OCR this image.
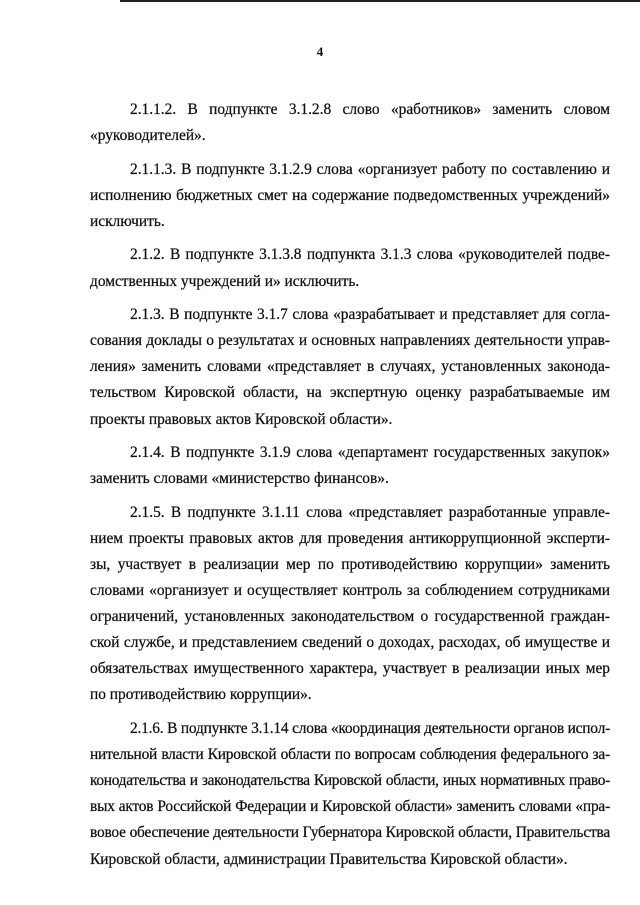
4
2.1.1.2. В подпункте 3.1.2.8 слово «работников» заменить словом
«руководителей».
2.1.1.3. В подпункте 3.1.2.9 слова «организует работу по составлению и
исполнению бюджетных смет на содержание подведомственных учреждений»
исключить.
2.1.2. В подпункте 3.1.3.8 подпункта 3.1.3 слова «руководителей подве-
домственных учреждений и» исключить.
2.1.3. В подпункте 3.1.7 слова «разрабатывает и представляет для согла-
сования доклады о результатах и основных направлениях деятельности управ-
ления» заменить словами «представляет в случаях, установленных законода-
тельством Кировской области, на экспертную оценку разрабатываемые им
проекты правовых актов Кировской области».
2.1.4. В подпункте 3.1.9 слова «департамент государственных закупок»
заменить словами «министерство финансов».
2.1.5. В подпункте 3.1.11 слова «представляет разработанные управле-
нием проекты правовых актов для проведения антикоррупционной эксперти-
зы, участвует в реализации мер по противодействию коррупции» заменить
словами «организует и осуществляет контроль за соблюдением сотрудниками
ограничений, установленных законодательством о государственной граждан-
ской службе, и представлением сведений о доходах, расходах, об имуществе и
обязательствах имущественного характера, участвует в реализации иных мер
по противодействию коррупции».
2.1.6. В подпункте 3.1.14 слова «координация деятельности органов испол-
нительной власти Кировской области по вопросам соблюдения федерального за-
конодательства и законодательства Кировской области, иных нормативных право-
вых актов Российской Федерации и Кировской области» заменить словами «пра-
вовое обеспечение деятельности Губернатора Кировской области, Правительства
Кировской области, администрации Правительства Кировской области».
